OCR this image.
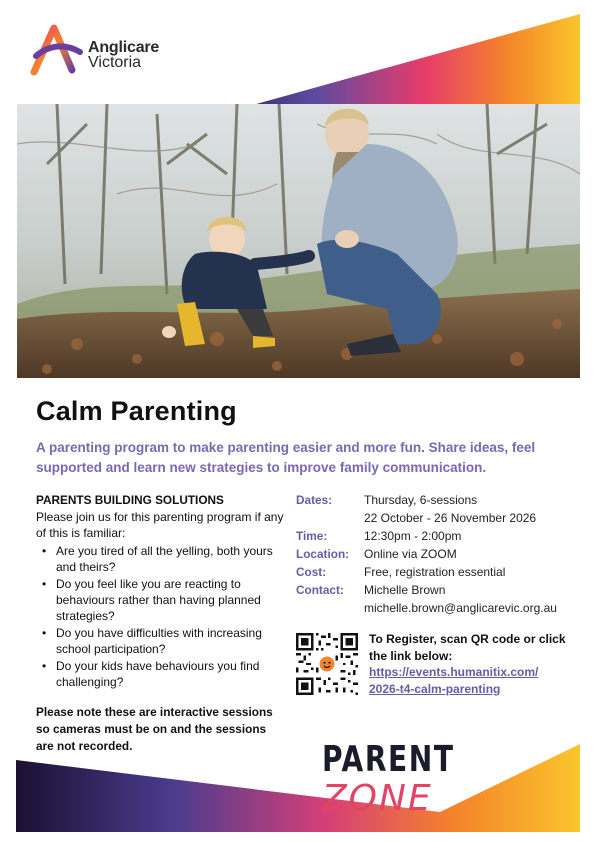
Anglicare
Victoria
Calm Parenting
A parenting program to make parenting easier and more fun. Share ideas, feel supported and learn new strategies to improve family communication.
PARENTS BUILDING SOLUTIONS
Please join us for this parenting program if any of this is familiar:
• Are you tired of all the yelling, both yours and theirs?
• Do you feel like you are reacting to behaviours rather than having planned strategies?
• Do you have difficulties with increasing school participation?
• Do your kids have behaviours you find challenging?
Please note these are interactive sessions so cameras must be on and the sessions are not recorded.
Dates:	Thursday, 6-sessions
22 October - 26 November 2026
Time:	12:30pm - 2:00pm
Location:	Online via ZOOM
Cost:	Free, registration essential
Contact:	Michelle Brown
michelle.brown@anglicarevic.org.au
To Register, scan QR code or click the link below:
https://events.humanitix.com/2026-t4-calm-parenting
PARENTZONE
